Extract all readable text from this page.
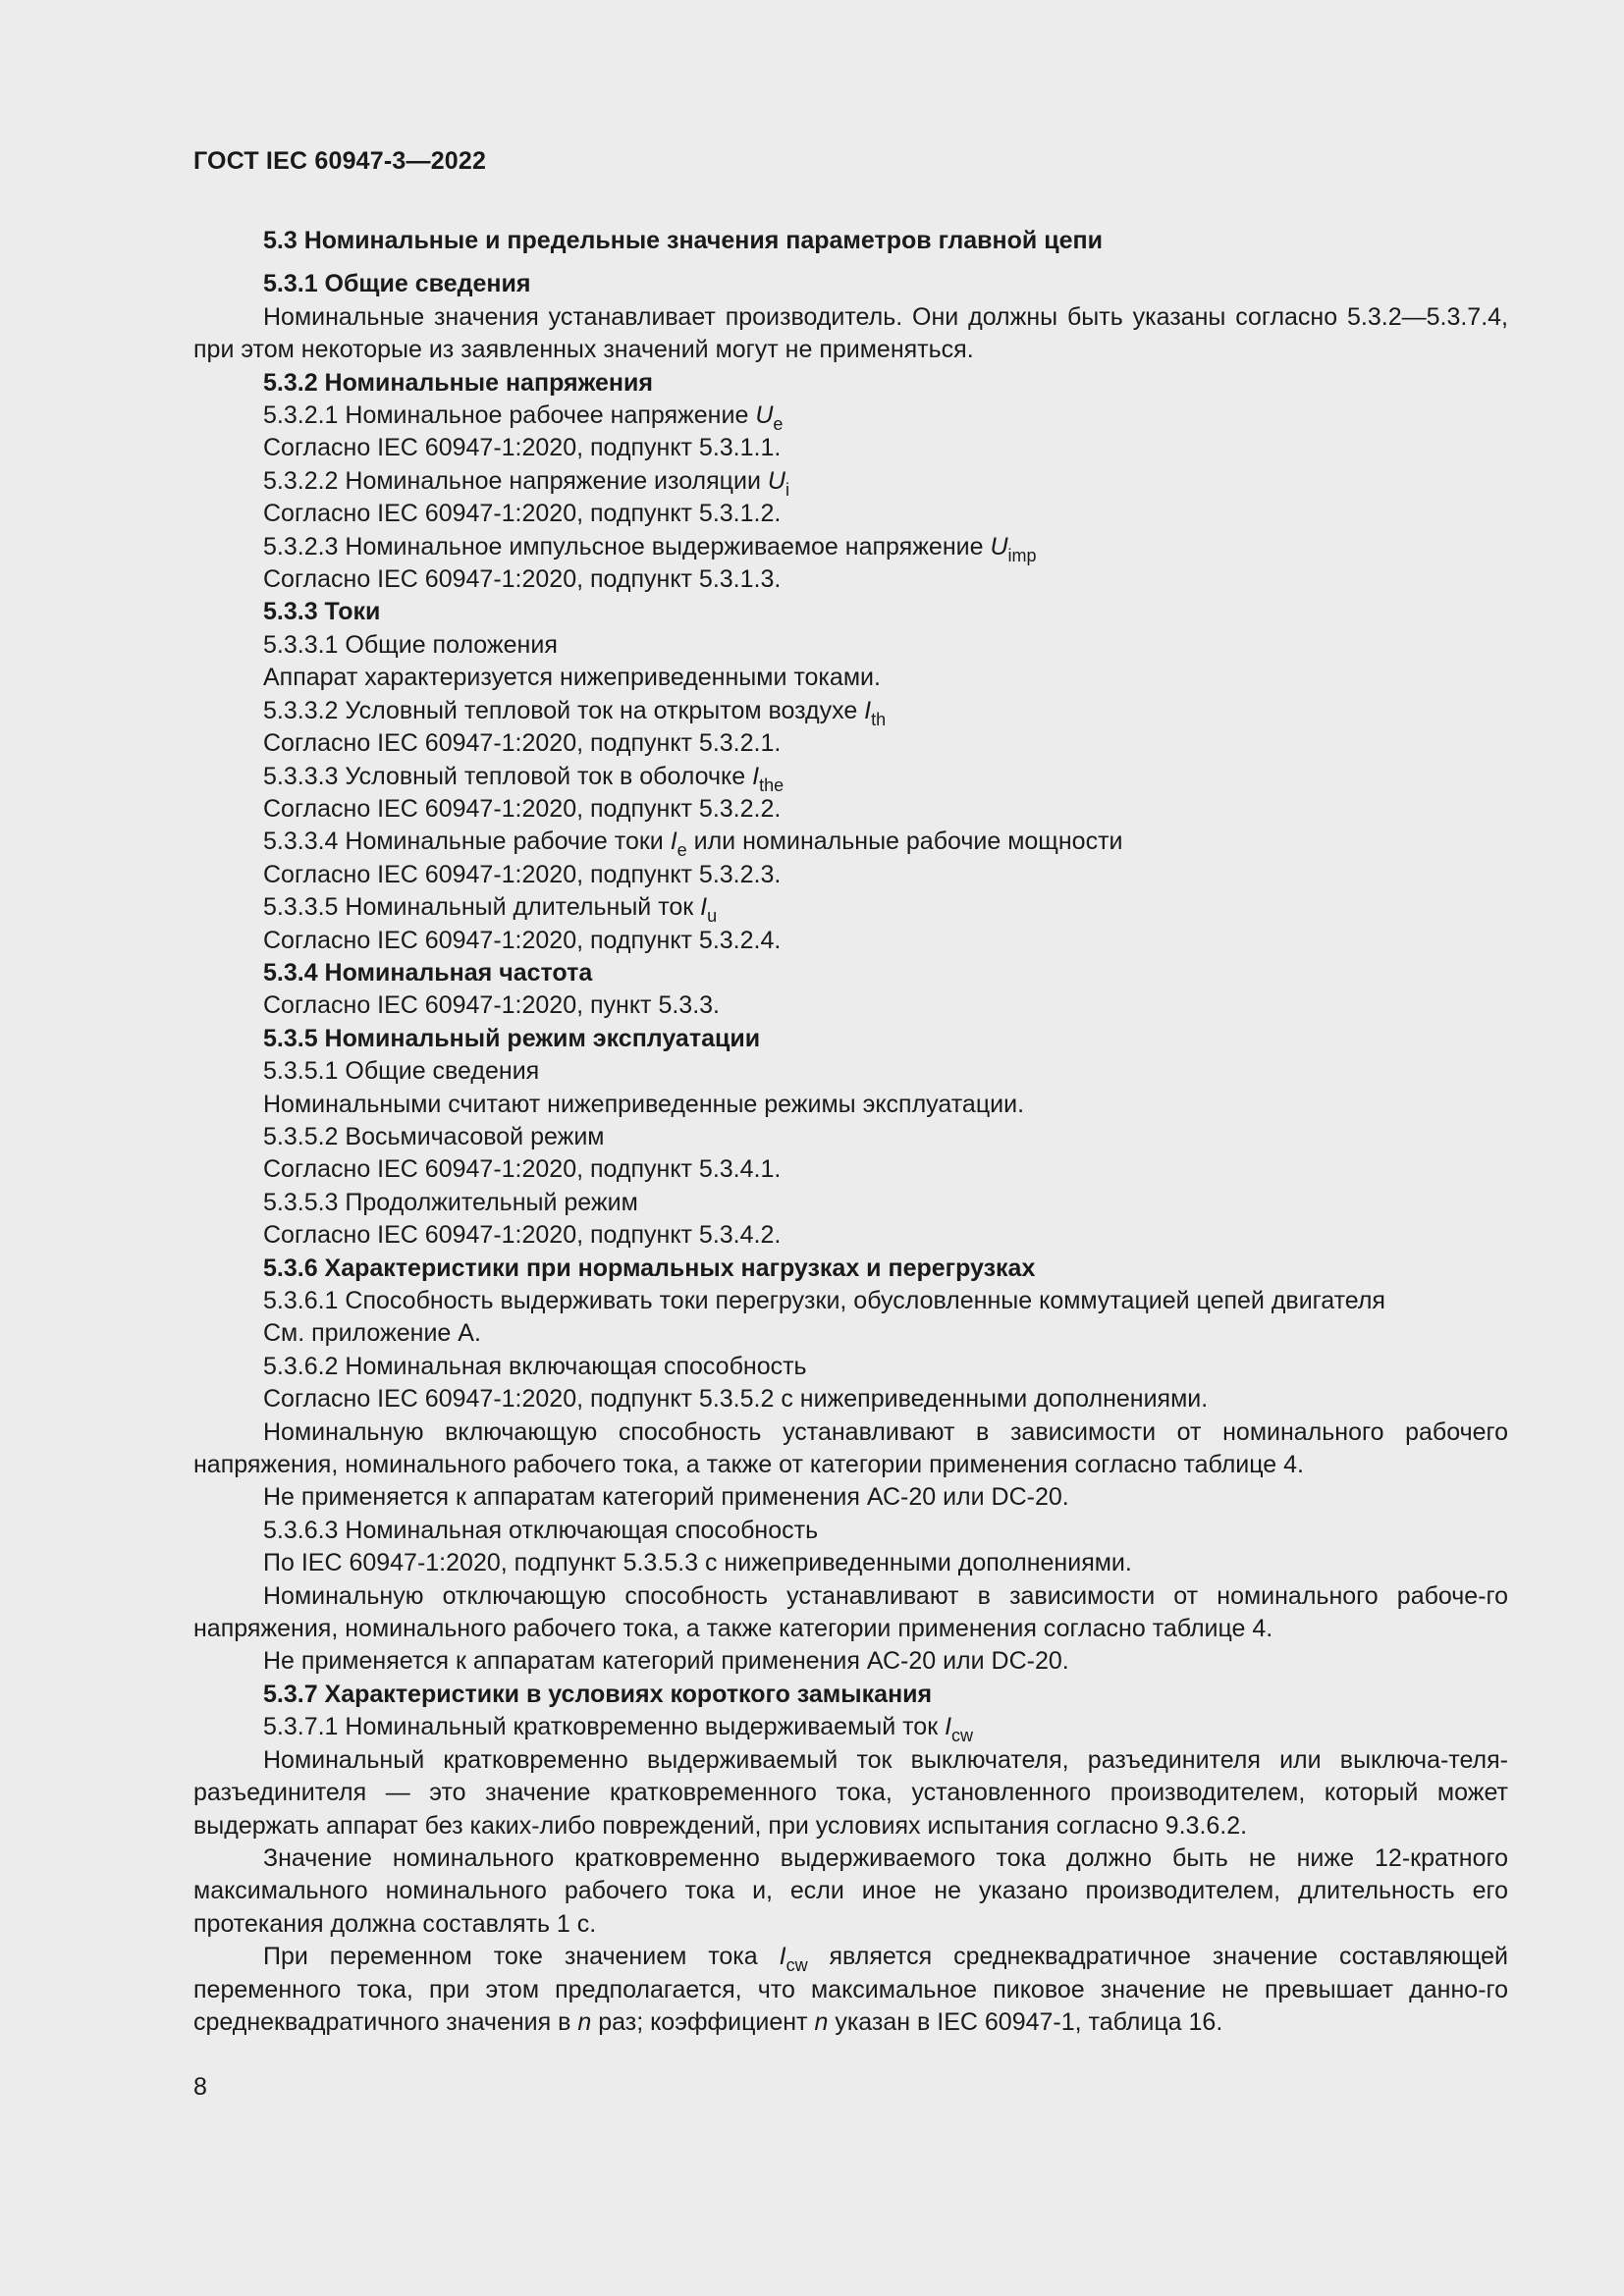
ГОСТ IEC 60947-3—2022

5.3 Номинальные и предельные значения параметров главной цепи

5.3.1 Общие сведения

Номинальные значения устанавливает производитель. Они должны быть указаны согласно 5.3.2—5.3.7.4, при этом некоторые из заявленных значений могут не применяться.

5.3.2 Номинальные напряжения

5.3.2.1 Номинальное рабочее напряжение $U_e$

Согласно IEC 60947-1:2020, подпункт 5.3.1.1.

5.3.2.2 Номинальное напряжение изоляции $U_i$

Согласно IEC 60947-1:2020, подпункт 5.3.1.2.

5.3.2.3 Номинальное импульсное выдерживаемое напряжение $U_{imp}$

Согласно IEC 60947-1:2020, подпункт 5.3.1.3.

5.3.3 Токи

5.3.3.1 Общие положения

Аппарат характеризуется нижеприведенными токами.

5.3.3.2 Условный тепловой ток на открытом воздухе $I_{th}$

Согласно IEC 60947-1:2020, подпункт 5.3.2.1.

5.3.3.3 Условный тепловой ток в оболочке $I_{the}$

Согласно IEC 60947-1:2020, подпункт 5.3.2.2.

5.3.3.4 Номинальные рабочие токи $I_e$ или номинальные рабочие мощности

Согласно IEC 60947-1:2020, подпункт 5.3.2.3.

5.3.3.5 Номинальный длительный ток $I_u$

Согласно IEC 60947-1:2020, подпункт 5.3.2.4.

5.3.4 Номинальная частота

Согласно IEC 60947-1:2020, пункт 5.3.3.

5.3.5 Номинальный режим эксплуатации

5.3.5.1 Общие сведения

Номинальными считают нижеприведенные режимы эксплуатации.

5.3.5.2 Восьмичасовой режим

Согласно IEC 60947-1:2020, подпункт 5.3.4.1.

5.3.5.3 Продолжительный режим

Согласно IEC 60947-1:2020, подпункт 5.3.4.2.

5.3.6 Характеристики при нормальных нагрузках и перегрузках

5.3.6.1 Способность выдерживать токи перегрузки, обусловленные коммутацией цепей двигателя

См. приложение А.

5.3.6.2 Номинальная включающая способность

Согласно IEC 60947-1:2020, подпункт 5.3.5.2 с нижеприведенными дополнениями.

Номинальную включающую способность устанавливают в зависимости от номинального рабочего напряжения, номинального рабочего тока, а также от категории применения согласно таблице 4.

Не применяется к аппаратам категорий применения АС-20 или DC-20.

5.3.6.3 Номинальная отключающая способность

По IEC 60947-1:2020, подпункт 5.3.5.3 с нижеприведенными дополнениями.

Номинальную отключающую способность устанавливают в зависимости от номинального рабоче-го напряжения, номинального рабочего тока, а также категории применения согласно таблице 4.

Не применяется к аппаратам категорий применения АС-20 или DC-20.

5.3.7 Характеристики в условиях короткого замыкания

5.3.7.1 Номинальный кратковременно выдерживаемый ток $I_{cw}$

Номинальный кратковременно выдерживаемый ток выключателя, разъединителя или выключа-теля-разъединителя — это значение кратковременного тока, установленного производителем, который может выдержать аппарат без каких-либо повреждений, при условиях испытания согласно 9.3.6.2.

Значение номинального кратковременно выдерживаемого тока должно быть не ниже 12-кратного максимального номинального рабочего тока и, если иное не указано производителем, длительность его протекания должна составлять 1 с.

При переменном токе значением тока $I_{cw}$ является среднеквадратичное значение составляющей переменного тока, при этом предполагается, что максимальное пиковое значение не превышает данно-го среднеквадратичного значения в n раз; коэффициент n указан в IEC 60947-1, таблица 16.

8
